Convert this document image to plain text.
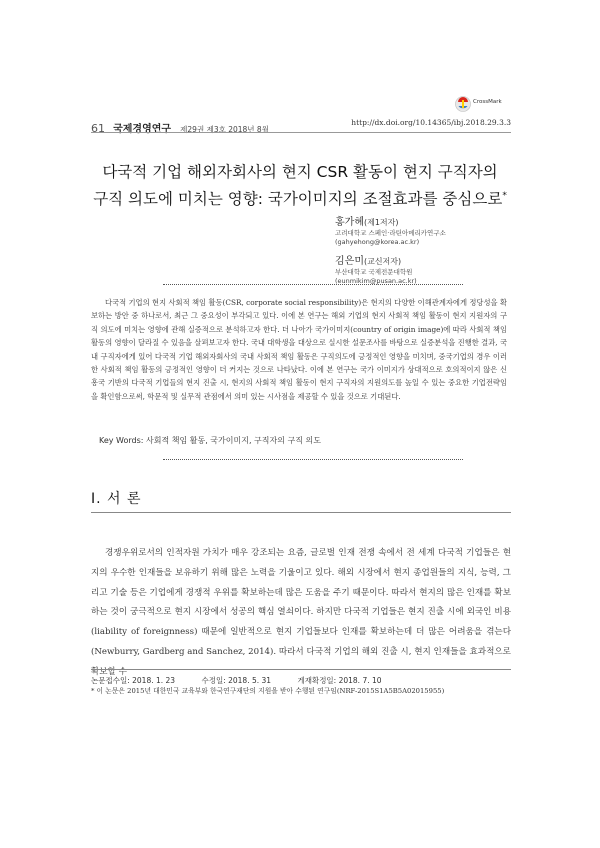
CrossMark
61 국제경영연구 제29권 제3호 2018년 8월
http://dx.doi.org/10.14365/ibj.2018.29.3.3
다국적 기업 해외자회사의 현지 CSR 활동이 현지 구직자의
구직 의도에 미치는 영향: 국가이미지의 조절효과를 중심으로*
홍가혜(제1저자)
고려대학교 스페인·라틴아메리카연구소
(gahyehong@korea.ac.kr)
김은미(교신저자)
부산대학교 국제전문대학원
(eunmikim@pusan.ac.kr)

다국적 기업의 현지 사회적 책임 활동(CSR, corporate social responsibility)은 현지의 다양한 이해관계자에게 정당성을 확보하는 방안 중 하나로서, 최근 그 중요성이 부각되고 있다. 이에 본 연구는 해외 기업의 현지 사회적 책임 활동이 현지 지원자의 구직 의도에 미치는 영향에 관해 실증적으로 분석하고자 한다. 더 나아가 국가이미지(country of origin image)에 따라 사회적 책임 활동의 영향이 달라질 수 있음을 살펴보고자 한다. 국내 대학생을 대상으로 실시한 설문조사를 바탕으로 실증분석을 진행한 결과, 국내 구직자에게 있어 다국적 기업 해외자회사의 국내 사회적 책임 활동은 구직의도에 긍정적인 영향을 미치며, 중국기업의 경우 이러한 사회적 책임 활동의 긍정적인 영향이 더 커지는 것으로 나타났다. 이에 본 연구는 국가 이미지가 상대적으로 호의적이지 않은 신흥국 기반의 다국적 기업들의 현지 진출 시, 현지의 사회적 책임 활동이 현지 구직자의 지원의도를 높일 수 있는 중요한 기업전략임을 확인함으로써, 학문적 및 실무적 관점에서 의미 있는 시사점을 제공할 수 있을 것으로 기대된다.

Key Words: 사회적 책임 활동, 국가이미지, 구직자의 구직 의도
Ⅰ. 서 론

경쟁우위로서의 인적자원 가치가 매우 강조되는 요즘, 글로벌 인재 전쟁 속에서 전 세계 다국적 기업들은 현지의 우수한 인재들을 보유하기 위해 많은 노력을 기울이고 있다. 해외 시장에서 현지 종업원들의 지식, 능력, 그리고 기술 등은 기업에게 경쟁적 우위를 확보하는데 많은 도움을 주기 때문이다. 따라서 현지의 많은 인재를 확보하는 것이 궁극적으로 현지 시장에서 성공의 핵심 열쇠이다. 하지만 다국적 기업들은 현지 진출 시에 외국인 비용(liability of foreignness) 때문에 일반적으로 현지 기업들보다 인재를 확보하는데 더 많은 어려움을 겪는다(Newburry, Gardberg and Sanchez, 2014). 따라서 다국적 기업의 해외 진출 시, 현지 인재들을 효과적으로 확보할 수

논문접수일: 2018. 1. 23	수정일: 2018. 5. 31	게재확정일: 2018. 7. 10
* 이 논문은 2015년 대한민국 교육부와 한국연구재단의 지원을 받아 수행된 연구임(NRF-2015S1A5B5A02015955)
